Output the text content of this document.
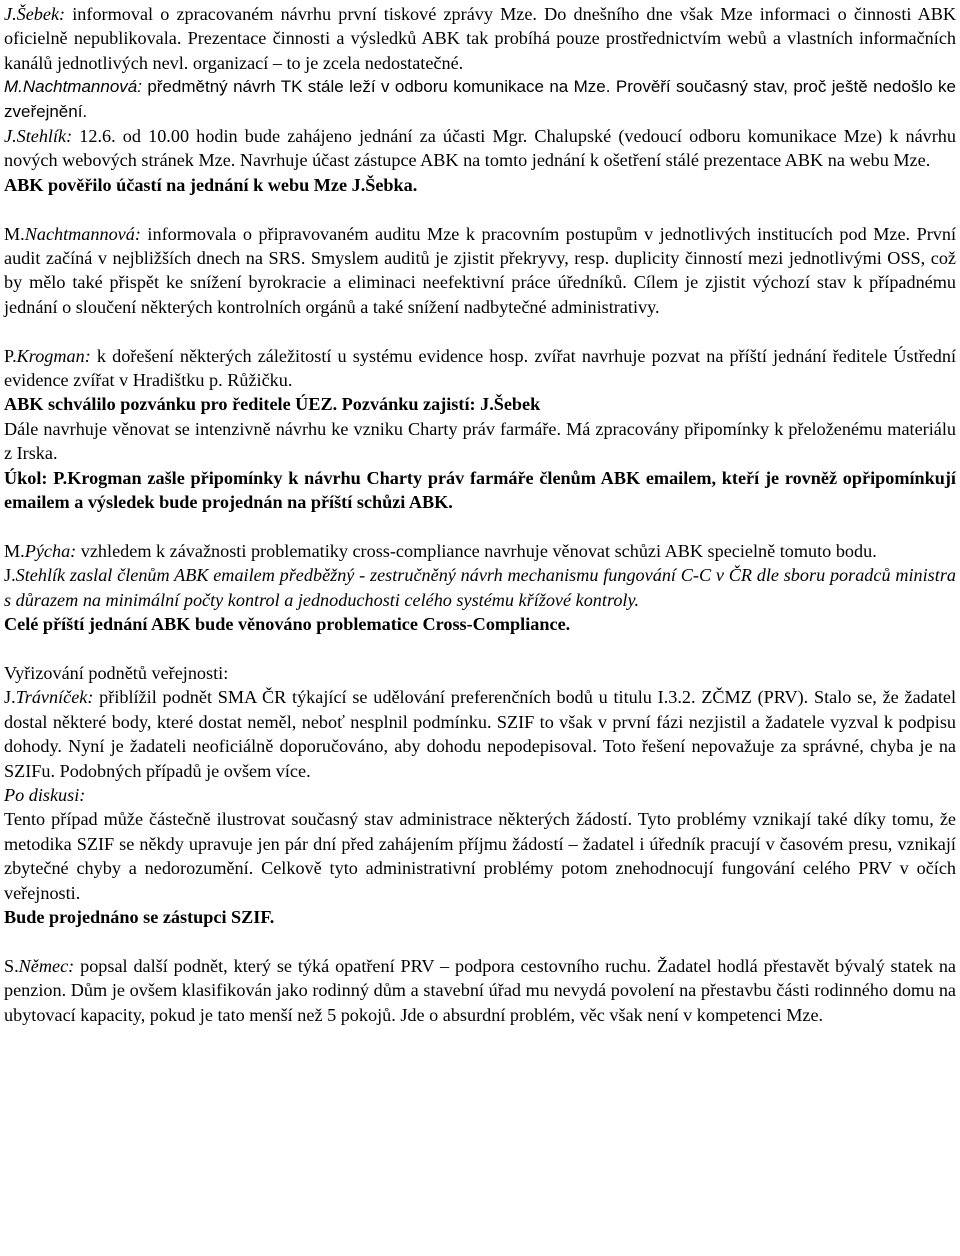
J.Šebek: informoval o zpracovaném návrhu první tiskové zprávy Mze. Do dnešního dne však Mze informaci o činnosti ABK oficielně nepublikovala. Prezentace činnosti a výsledků ABK tak probíhá pouze prostřednictvím webů a vlastních informačních kanálů jednotlivých nevl. organizací – to je zcela nedostatečné.

M.Nachtmannová: předmětný návrh TK stále leží v odboru komunikace na Mze. Prověří současný stav, proč ještě nedošlo ke zveřejnění.

J.Stehlík: 12.6. od 10.00 hodin bude zahájeno jednání za účasti Mgr. Chalupské (vedoucí odboru komunikace Mze) k návrhu nových webových stránek Mze. Navrhuje účast zástupce ABK na tomto jednání k ošetření stálé prezentace ABK na webu Mze.

ABK pověřilo účastí na jednání k webu Mze J.Šebka.

M.Nachtmannová: informovala o připravovaném auditu Mze k pracovním postupům v jednotlivých institucích pod Mze. První audit začíná v nejbližších dnech na SRS. Smyslem auditů je zjistit překryvy, resp. duplicity činností mezi jednotlivými OSS, což by mělo také přispět ke snížení byrokracie a eliminaci neefektivní práce úředníků. Cílem je zjistit výchozí stav k případnému jednání o sloučení některých kontrolních orgánů a také snížení nadbytečné administrativy.

P.Krogman: k dořešení některých záležitostí u systému evidence hosp. zvířat navrhuje pozvat na příští jednání ředitele Ústřední evidence zvířat v Hradištku p. Růžičku.

ABK schválilo pozvánku pro ředitele ÚEZ. Pozvánku zajistí: J.Šebek

Dále navrhuje věnovat se intenzivně návrhu ke vzniku Charty práv farmáře. Má zpracovány připomínky k přeloženému materiálu z Irska.

Úkol: P.Krogman zašle připomínky k návrhu Charty práv farmáře členům ABK emailem, kteří je rovněž opřipomínkují emailem a výsledek bude projednán na příští schůzi ABK.

M.Pýcha: vzhledem k závažnosti problematiky cross-compliance navrhuje věnovat schůzi ABK specielně tomuto bodu.

J.Stehlík zaslal členům ABK emailem předběžný - zestručněný návrh mechanismu fungování C-C v ČR dle sboru poradců ministra s důrazem na minimální počty kontrol a jednoduchosti celého systému křížové kontroly.

Celé příští jednání ABK bude věnováno problematice Cross-Compliance.

Vyřizování podnětů veřejnosti:

J.Trávníček: přiblížil podnět SMA ČR týkající se udělování preferenčních bodů u titulu I.3.2. ZČMZ (PRV). Stalo se, že žadatel dostal některé body, které dostat neměl, neboť nesplnil podmínku. SZIF to však v první fázi nezjistil a žadatele vyzval k podpisu dohody. Nyní je žadateli neoficiálně doporučováno, aby dohodu nepodepisoval. Toto řešení nepovažuje za správné, chyba je na SZIFu. Podobných případů je ovšem více.

Po diskusi:

Tento případ může částečně ilustrovat současný stav administrace některých žádostí. Tyto problémy vznikají také díky tomu, že metodika SZIF se někdy upravuje jen pár dní před zahájením příjmu žádostí – žadatel i úředník pracují v časovém presu, vznikají zbytečné chyby a nedorozumění. Celkově tyto administrativní problémy potom znehodnocují fungování celého PRV v očích veřejnosti.

Bude projednáno se zástupci SZIF.

S.Němec: popsal další podnět, který se týká opatření PRV – podpora cestovního ruchu. Žadatel hodlá přestavět bývalý statek na penzion. Dům je ovšem klasifikován jako rodinný dům a stavební úřad mu nevydá povolení na přestavbu části rodinného domu na ubytovací kapacity, pokud je tato menší než 5 pokojů. Jde o absurdní problém, věc však není v kompetenci Mze.
